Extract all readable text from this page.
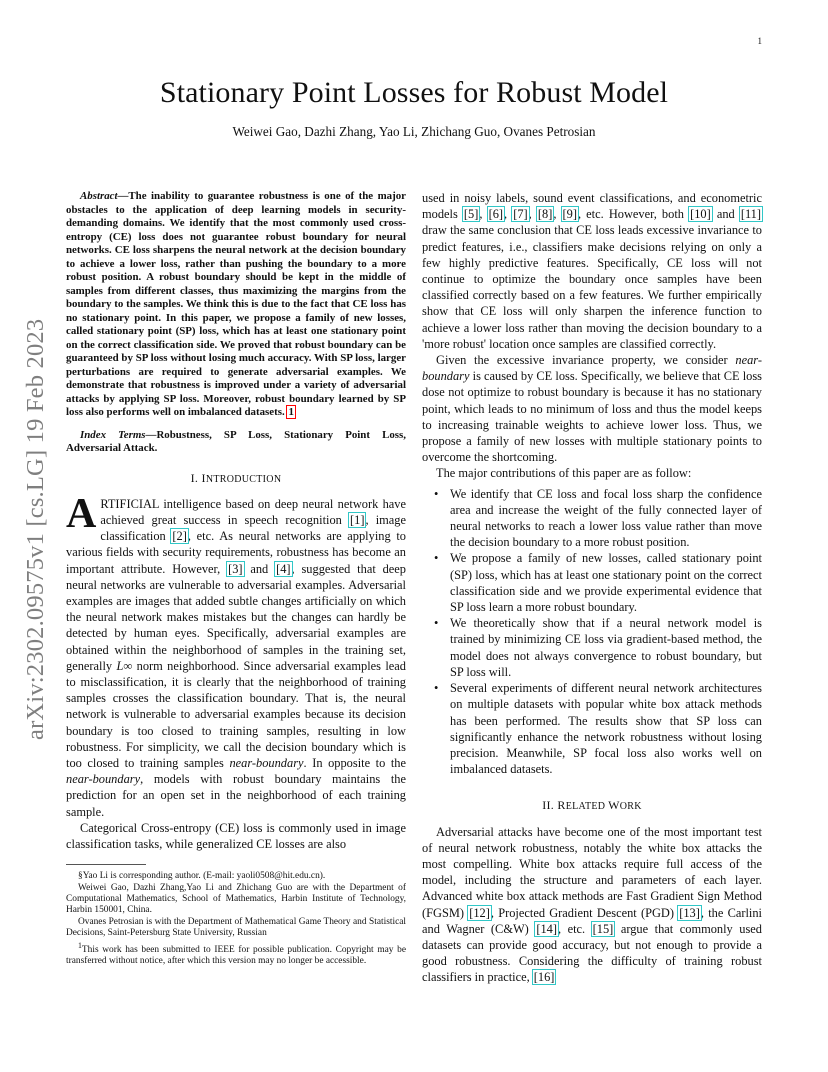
1
arXiv:2302.09575v1 [cs.LG] 19 Feb 2023
Stationary Point Losses for Robust Model
Weiwei Gao, Dazhi Zhang, Yao Li, Zhichang Guo, Ovanes Petrosian

Abstract—The inability to guarantee robustness is one of the major obstacles to the application of deep learning models in security-demanding domains. We identify that the most commonly used cross-entropy (CE) loss does not guarantee robust boundary for neural networks. CE loss sharpens the neural network at the decision boundary to achieve a lower loss, rather than pushing the boundary to a more robust position. A robust boundary should be kept in the middle of samples from different classes, thus maximizing the margins from the boundary to the samples. We think this is due to the fact that CE loss has no stationary point. In this paper, we propose a family of new losses, called stationary point (SP) loss, which has at least one stationary point on the correct classification side. We proved that robust boundary can be guaranteed by SP loss without losing much accuracy. With SP loss, larger perturbations are required to generate adversarial examples. We demonstrate that robustness is improved under a variety of adversarial attacks by applying SP loss. Moreover, robust boundary learned by SP loss also performs well on imbalanced datasets. 1

Index Terms—Robustness, SP Loss, Stationary Point Loss, Adversarial Attack.

I. INTRODUCTION

ARTIFICIAL intelligence based on deep neural network have achieved great success in speech recognition [1], image classification [2], etc. As neural networks are applying to various fields with security requirements, robustness has become an important attribute. However, [3] and [4], suggested that deep neural networks are vulnerable to adversarial examples. Adversarial examples are images that added subtle changes artificially on which the neural network makes mistakes but the changes can hardly be detected by human eyes. Specifically, adversarial examples are obtained within the neighborhood of samples in the training set, generally L∞ norm neighborhood. Since adversarial examples lead to misclassification, it is clearly that the neighborhood of training samples crosses the classification boundary. That is, the neural network is vulnerable to adversarial examples because its decision boundary is too closed to training samples, resulting in low robustness. For simplicity, we call the decision boundary which is too closed to training samples near-boundary. In opposite to the near-boundary, models with robust boundary maintains the prediction for an open set in the neighborhood of each training sample.

Categorical Cross-entropy (CE) loss is commonly used in image classification tasks, while generalized CE losses are also

§Yao Li is corresponding author. (E-mail: yaoli0508@hit.edu.cn).

Weiwei Gao, Dazhi Zhang,Yao Li and Zhichang Guo are with the Department of Computational Mathematics, School of Mathematics, Harbin Institute of Technology, Harbin 150001, China.

Ovanes Petrosian is with the Department of Mathematical Game Theory and Statistical Decisions, Saint-Petersburg State University, Russian

$^1$This work has been submitted to IEEE for possible publication. Copyright may be transferred without notice, after which this version may no longer be accessible.

used in noisy labels, sound event classifications, and econometric models [5], [6], [7], [8], [9], etc. However, both [10] and [11] draw the same conclusion that CE loss leads excessive invariance to predict features, i.e., classifiers make decisions relying on only a few highly predictive features. Specifically, CE loss will not continue to optimize the boundary once samples have been classified correctly based on a few features. We further empirically show that CE loss will only sharpen the inference function to achieve a lower loss rather than moving the decision boundary to a 'more robust' location once samples are classified correctly.

Given the excessive invariance property, we consider near-boundary is caused by CE loss. Specifically, we believe that CE loss dose not optimize to robust boundary is because it has no stationary point, which leads to no minimum of loss and thus the model keeps to increasing trainable weights to achieve lower loss. Thus, we propose a family of new losses with multiple stationary points to overcome the shortcoming.

The major contributions of this paper are as follow:

• We identify that CE loss and focal loss sharp the confidence area and increase the weight of the fully connected layer of neural networks to reach a lower loss value rather than move the decision boundary to a more robust position.
• We propose a family of new losses, called stationary point (SP) loss, which has at least one stationary point on the correct classification side and we provide experimental evidence that SP loss learn a more robust boundary.
• We theoretically show that if a neural network model is trained by minimizing CE loss via gradient-based method, the model does not always convergence to robust boundary, but SP loss will.
• Several experiments of different neural network architectures on multiple datasets with popular white box attack methods has been performed. The results show that SP loss can significantly enhance the network robustness without losing precision. Meanwhile, SP focal loss also works well on imbalanced datasets.
II. RELATED WORK

Adversarial attacks have become one of the most important test of neural network robustness, notably the white box attacks the most compelling. White box attacks require full access of the model, including the structure and parameters of each layer. Advanced white box attack methods are Fast Gradient Sign Method (FGSM) [12], Projected Gradient Descent (PGD) [13], the Carlini and Wagner (C&W) [14], etc. [15] argue that commonly used datasets can provide good accuracy, but not enough to provide a good robustness. Considering the difficulty of training robust classifiers in practice, [16]
